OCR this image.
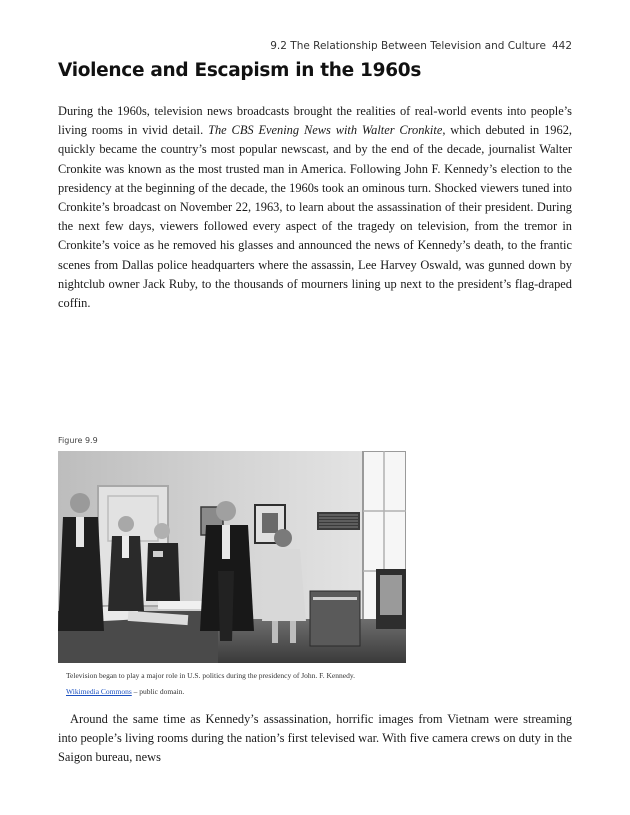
9.2 The Relationship Between Television and Culture 442
Violence and Escapism in the 1960s

During the 1960s, television news broadcasts brought the realities of real-world events into people’s living rooms in vivid detail. The CBS Evening News with Walter Cronkite, which debuted in 1962, quickly became the country’s most popular newscast, and by the end of the decade, journalist Walter Cronkite was known as the most trusted man in America. Following John F. Kennedy’s election to the presidency at the beginning of the decade, the 1960s took an ominous turn. Shocked viewers tuned into Cronkite’s broadcast on November 22, 1963, to learn about the assassination of their president. During the next few days, viewers followed every aspect of the tragedy on television, from the tremor in Cronkite’s voice as he removed his glasses and announced the news of Kennedy’s death, to the frantic scenes from Dallas police headquarters where the assassin, Lee Harvey Oswald, was gunned down by nightclub owner Jack Ruby, to the thousands of mourners lining up next to the president’s flag-draped coffin.

Figure 9.9
Television began to play a major role in U.S. politics during the presidency of John. F. Kennedy.
Wikimedia Commons – public domain.

Around the same time as Kennedy’s assassination, horrific images from Vietnam were streaming into people’s living rooms during the nation’s first televised war. With five camera crews on duty in the Saigon bureau, news
